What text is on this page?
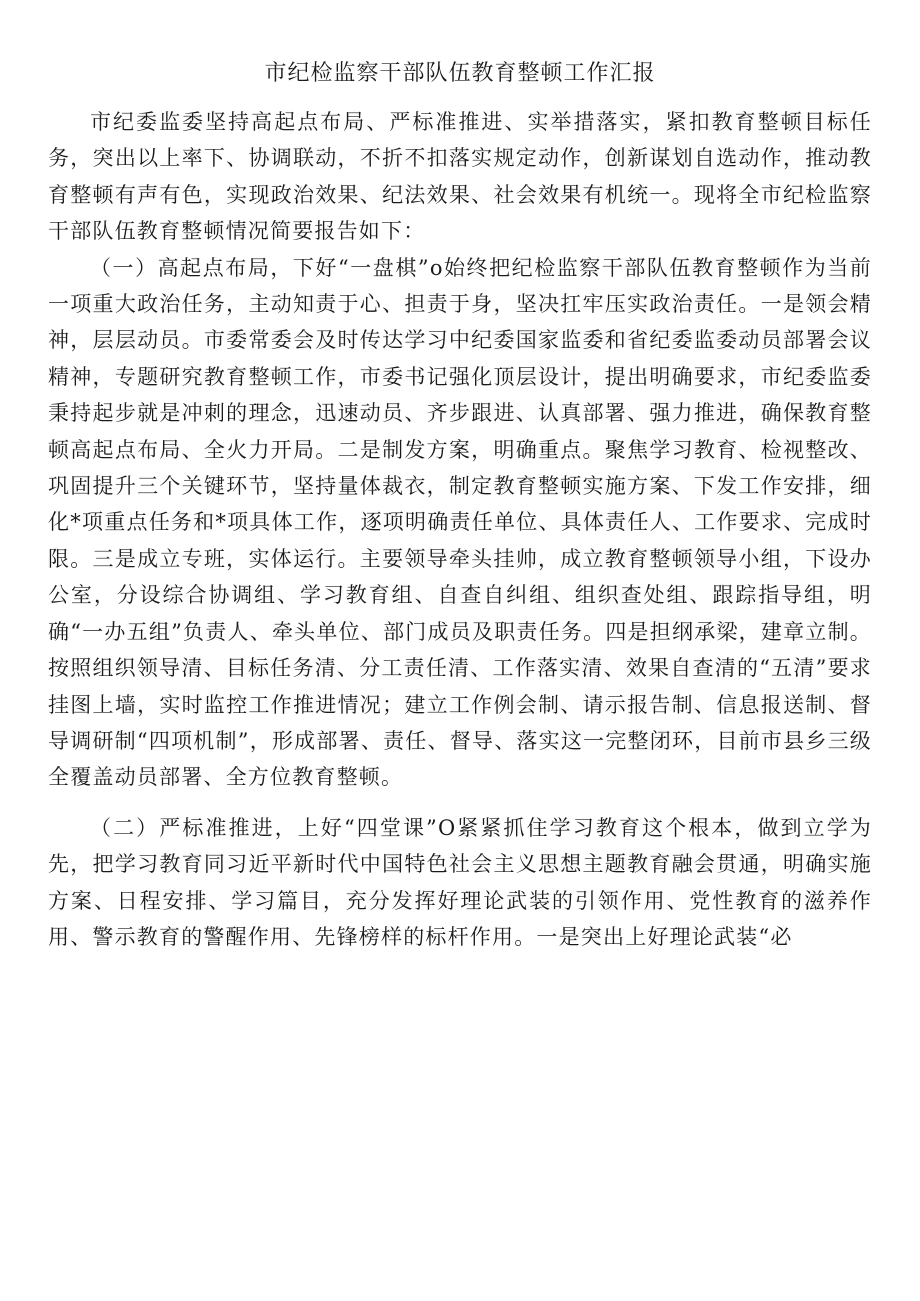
市纪检监察干部队伍教育整顿工作汇报

市纪委监委坚持高起点布局、严标准推进、实举措落实，紧扣教育整顿目标任务，突出以上率下、协调联动，不折不扣落实规定动作，创新谋划自选动作，推动教育整顿有声有色，实现政治效果、纪法效果、社会效果有机统一。现将全市纪检监察干部队伍教育整顿情况简要报告如下：

（一）高起点布局，下好“一盘棋”o始终把纪检监察干部队伍教育整顿作为当前一项重大政治任务，主动知责于心、担责于身，坚决扛牢压实政治责任。一是领会精神，层层动员。市委常委会及时传达学习中纪委国家监委和省纪委监委动员部署会议精神，专题研究教育整顿工作，市委书记强化顶层设计，提出明确要求，市纪委监委秉持起步就是冲刺的理念，迅速动员、齐步跟进、认真部署、强力推进，确保教育整顿高起点布局、全火力开局。二是制发方案，明确重点。聚焦学习教育、检视整改、巩固提升三个关键环节，坚持量体裁衣，制定教育整顿实施方案、下发工作安排，细化*项重点任务和*项具体工作，逐项明确责任单位、具体责任人、工作要求、完成时限。三是成立专班，实体运行。主要领导牵头挂帅，成立教育整顿领导小组，下设办公室，分设综合协调组、学习教育组、自查自纠组、组织查处组、跟踪指导组，明确“一办五组”负责人、牵头单位、部门成员及职责任务。四是担纲承梁，建章立制。按照组织领导清、目标任务清、分工责任清、工作落实清、效果自查清的“五清”要求挂图上墙，实时监控工作推进情况；建立工作例会制、请示报告制、信息报送制、督导调研制“四项机制”，形成部署、责任、督导、落实这一完整闭环，目前市县乡三级全覆盖动员部署、全方位教育整顿。

（二）严标准推进，上好“四堂课”O紧紧抓住学习教育这个根本，做到立学为先，把学习教育同习近平新时代中国特色社会主义思想主题教育融会贯通，明确实施方案、日程安排、学习篇目，充分发挥好理论武装的引领作用、党性教育的滋养作用、警示教育的警醒作用、先锋榜样的标杆作用。一是突出上好理论武装“必
